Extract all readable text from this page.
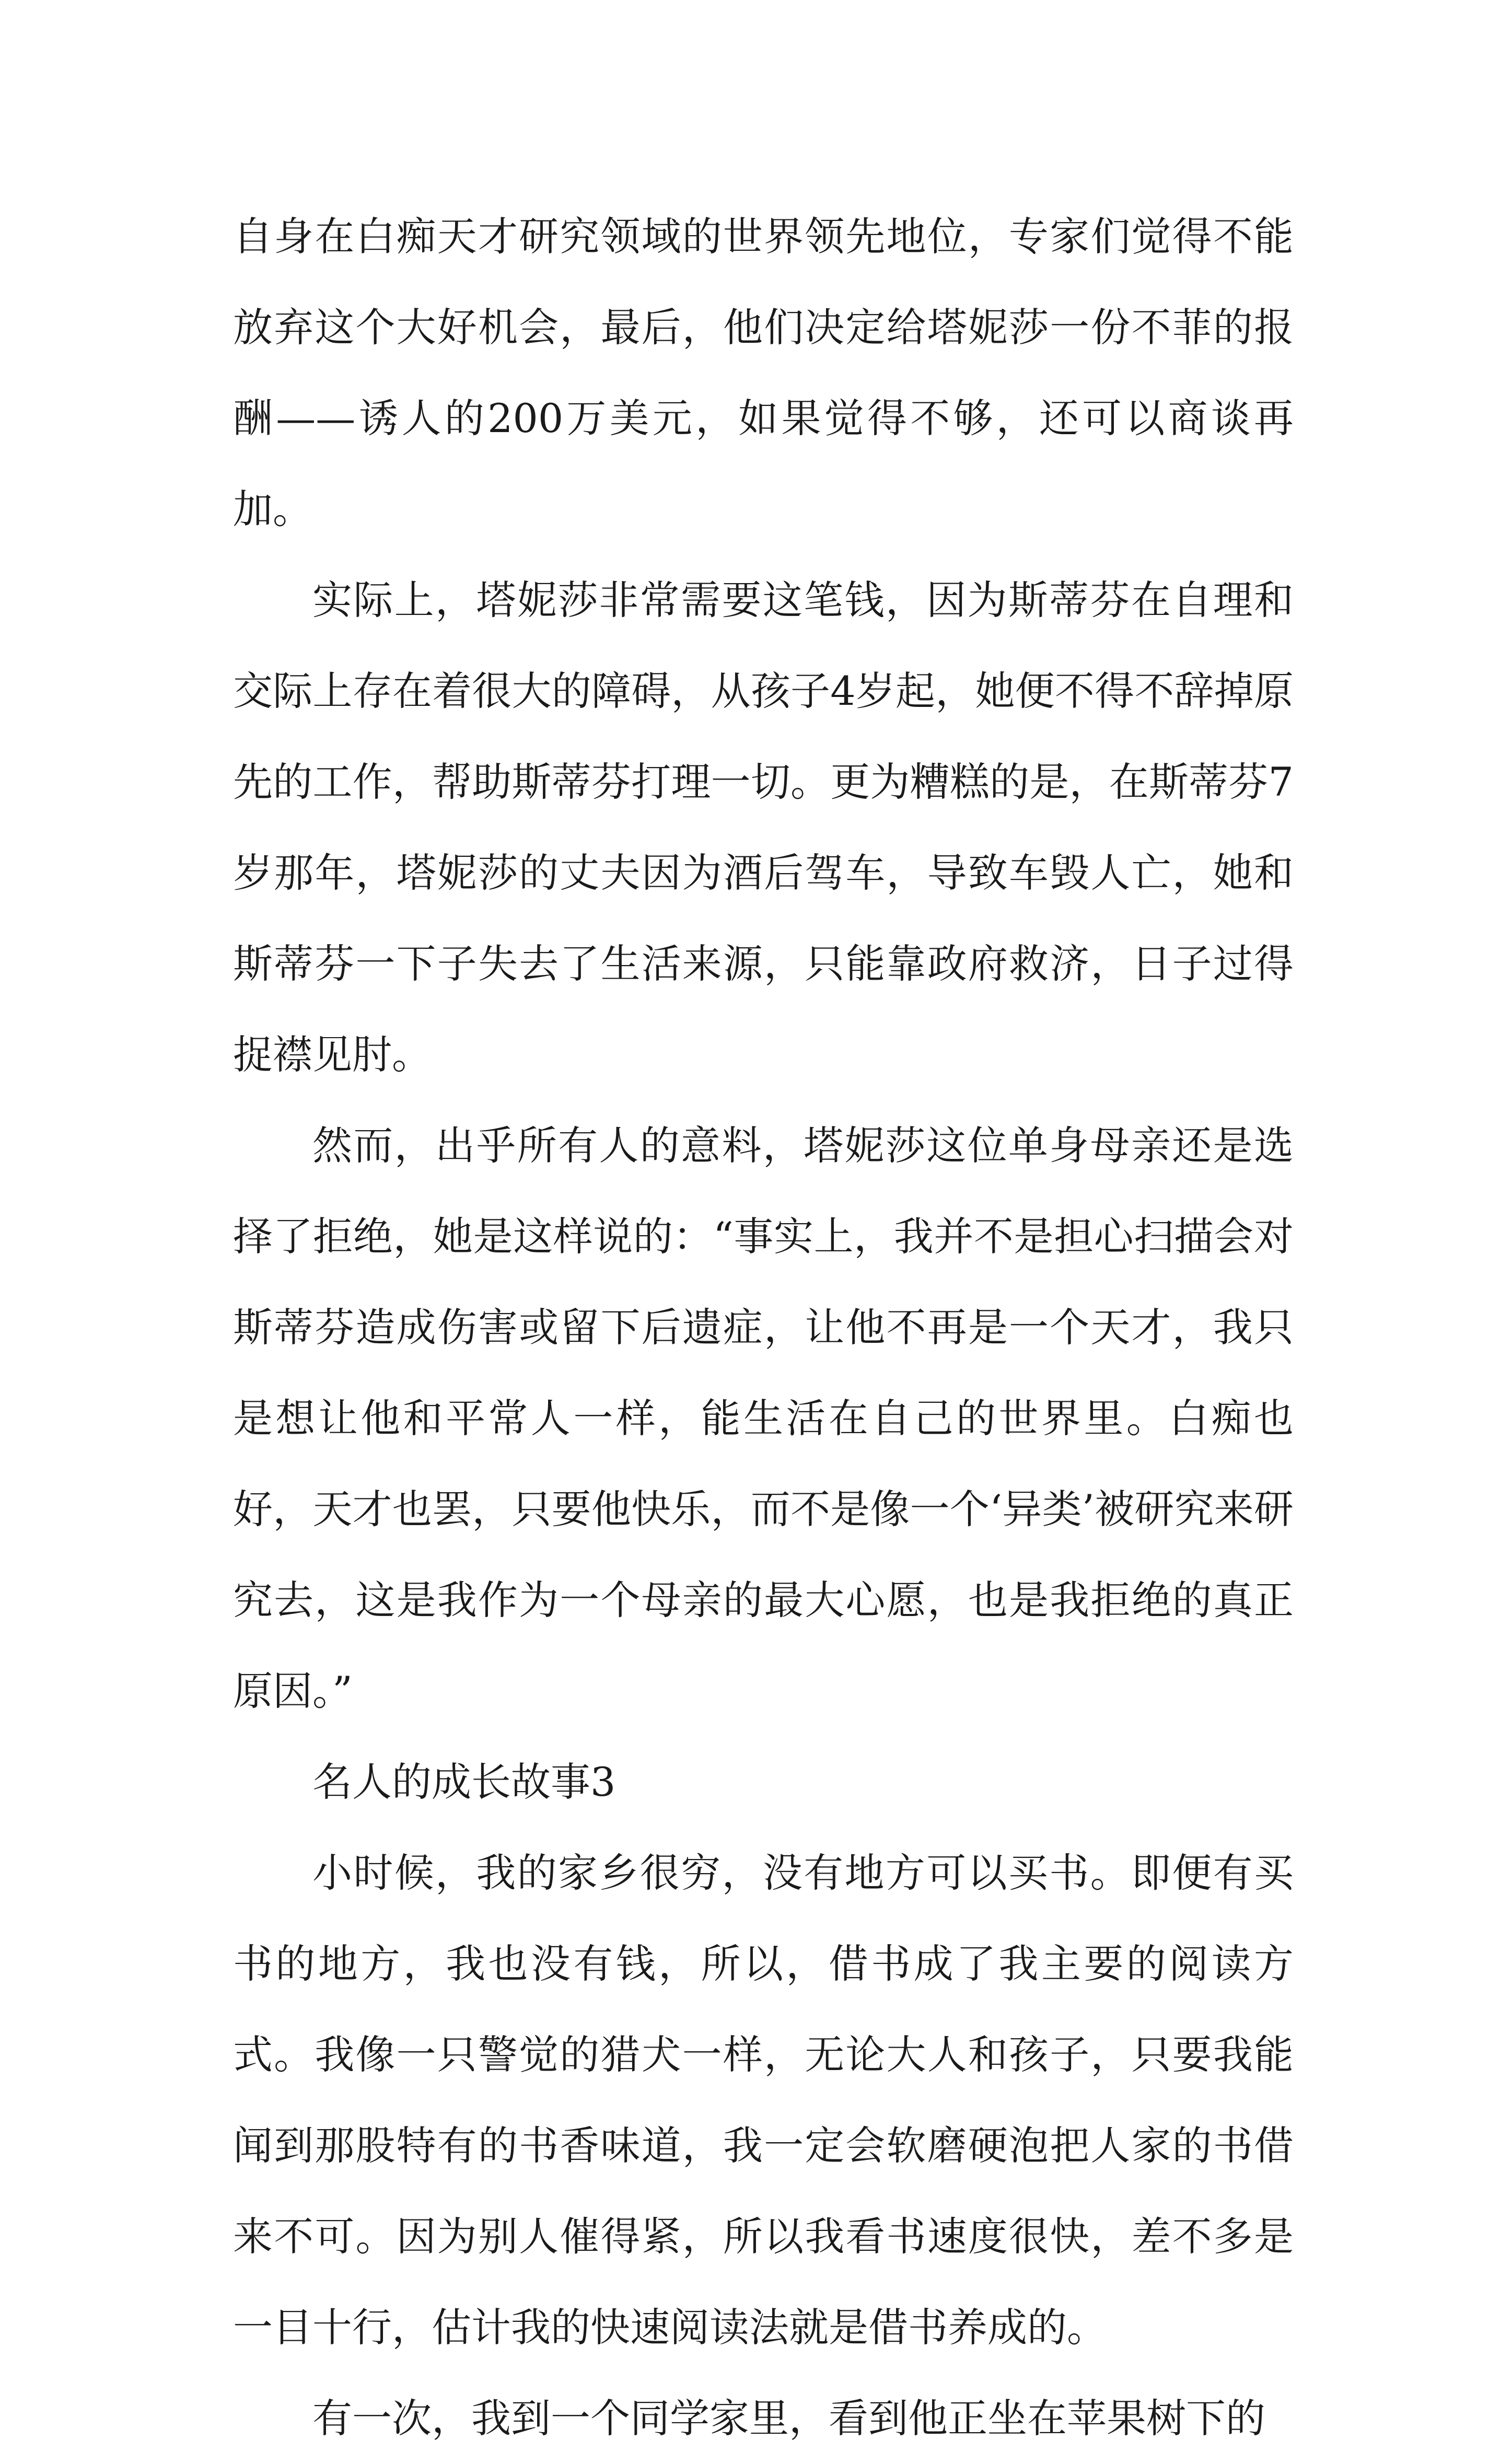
自身在白痴天才研究领域的世界领先地位，专家们觉得不能放弃这个大好机会，最后，他们决定给塔妮莎一份不菲的报酬——诱人的200万美元，如果觉得不够，还可以商谈再加。

实际上，塔妮莎非常需要这笔钱，因为斯蒂芬在自理和交际上存在着很大的障碍，从孩子4岁起，她便不得不辞掉原先的工作，帮助斯蒂芬打理一切。更为糟糕的是，在斯蒂芬7岁那年，塔妮莎的丈夫因为酒后驾车，导致车毁人亡，她和斯蒂芬一下子失去了生活来源，只能靠政府救济，日子过得捉襟见肘。

然而，出乎所有人的意料，塔妮莎这位单身母亲还是选择了拒绝，她是这样说的：“事实上，我并不是担心扫描会对斯蒂芬造成伤害或留下后遗症，让他不再是一个天才，我只是想让他和平常人一样，能生活在自己的世界里。白痴也好，天才也罢，只要他快乐，而不是像一个‘异类’被研究来研究去，这是我作为一个母亲的最大心愿，也是我拒绝的真正原因。”

名人的成长故事3

小时候，我的家乡很穷，没有地方可以买书。即便有买书的地方，我也没有钱，所以，借书成了我主要的阅读方式。我像一只警觉的猎犬一样，无论大人和孩子，只要我能闻到那股特有的书香味道，我一定会软磨硬泡把人家的书借来不可。因为别人催得紧，所以我看书速度很快，差不多是一目十行，估计我的快速阅读法就是借书养成的。

有一次，我到一个同学家里，看到他正坐在苹果树下的
